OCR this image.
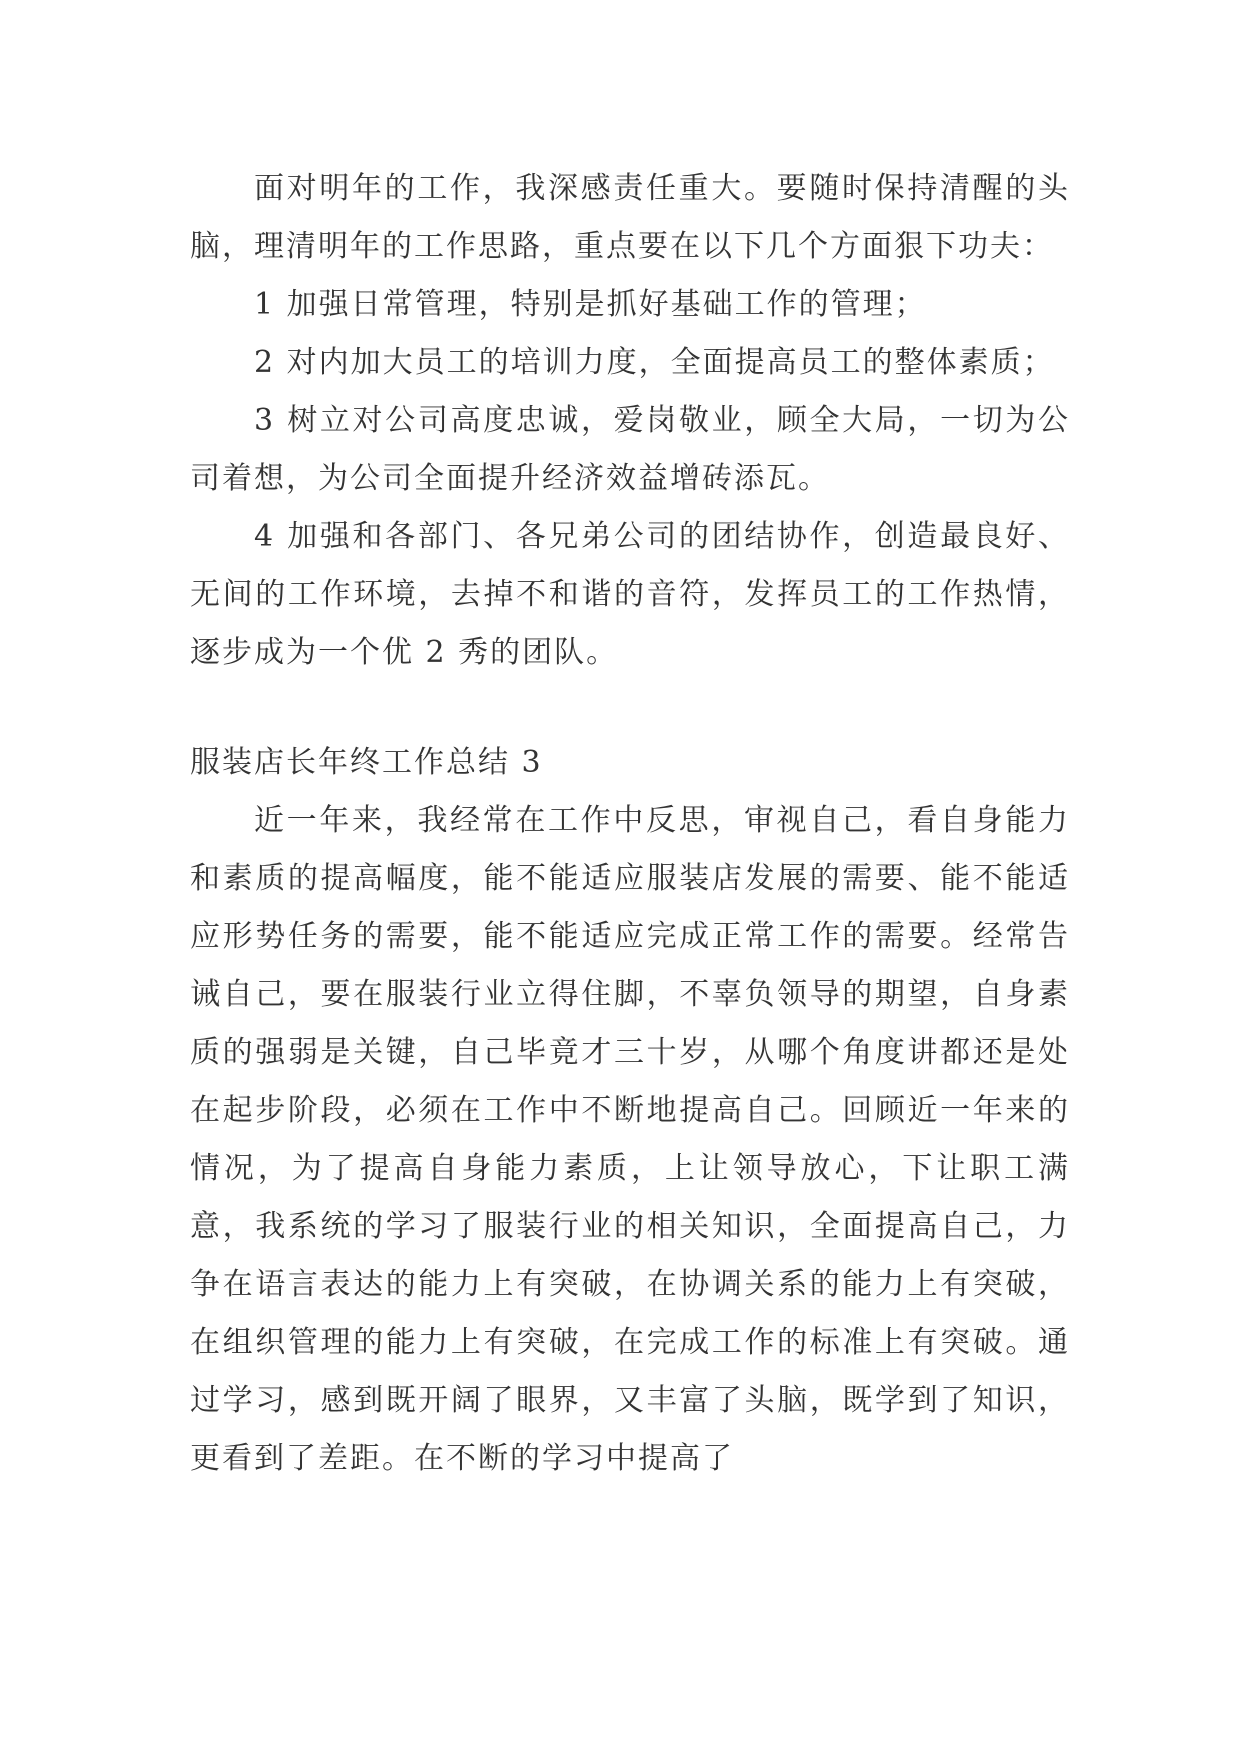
面对明年的工作，我深感责任重大。要随时保持清醒的头脑，理清明年的工作思路，重点要在以下几个方面狠下功夫：

1 加强日常管理，特别是抓好基础工作的管理；

2 对内加大员工的培训力度，全面提高员工的整体素质；

3 树立对公司高度忠诚，爱岗敬业，顾全大局，一切为公司着想，为公司全面提升经济效益增砖添瓦。

4 加强和各部门、各兄弟公司的团结协作，创造最良好、无间的工作环境，去掉不和谐的音符，发挥员工的工作热情，逐步成为一个优 2 秀的团队。

服装店长年终工作总结 3

近一年来，我经常在工作中反思，审视自己，看自身能力和素质的提高幅度，能不能适应服装店发展的需要、能不能适应形势任务的需要，能不能适应完成正常工作的需要。经常告诫自己，要在服装行业立得住脚，不辜负领导的期望，自身素质的强弱是关键，自己毕竟才三十岁，从哪个角度讲都还是处在起步阶段，必须在工作中不断地提高自己。回顾近一年来的情况，为了提高自身能力素质，上让领导放心，下让职工满意，我系统的学习了服装行业的相关知识，全面提高自己，力争在语言表达的能力上有突破，在协调关系的能力上有突破，在组织管理的能力上有突破，在完成工作的标准上有突破。通过学习，感到既开阔了眼界，又丰富了头脑，既学到了知识，更看到了差距。在不断的学习中提高了
